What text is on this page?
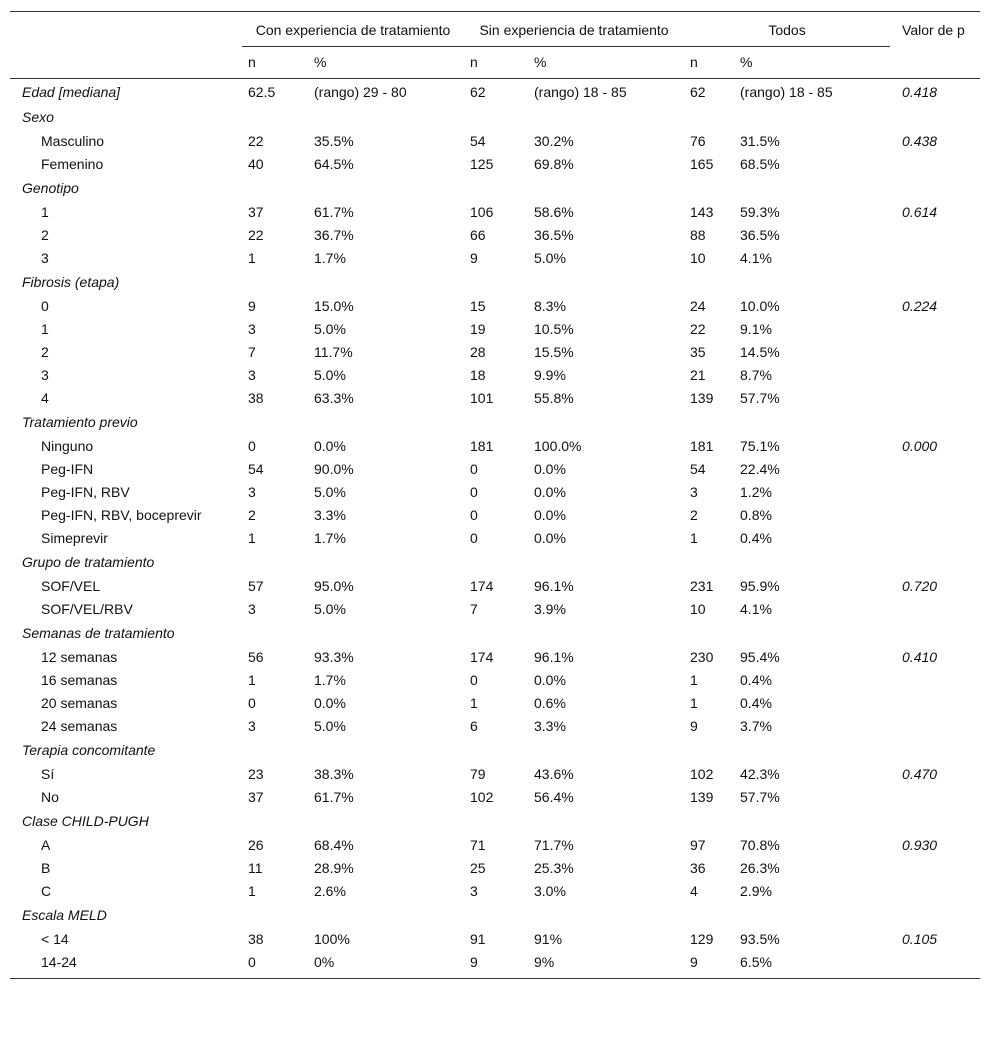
	Con experiencia de tratamiento		Sin experiencia de tratamiento		Todos		Valor de p
	n	%	n	%	n	%	
Edad [mediana]	62.5	(rango) 29 - 80	62	(rango) 18 - 85	62	(rango) 18 - 85	0.418
Sexo							
Masculino	22	35.5%	54	30.2%	76	31.5%	0.438
Femenino	40	64.5%	125	69.8%	165	68.5%	
Genotipo							
1	37	61.7%	106	58.6%	143	59.3%	0.614
2	22	36.7%	66	36.5%	88	36.5%	
3	1	1.7%	9	5.0%	10	4.1%	
Fibrosis (etapa)							
0	9	15.0%	15	8.3%	24	10.0%	0.224
1	3	5.0%	19	10.5%	22	9.1%	
2	7	11.7%	28	15.5%	35	14.5%	
3	3	5.0%	18	9.9%	21	8.7%	
4	38	63.3%	101	55.8%	139	57.7%	
Tratamiento previo							
Ninguno	0	0.0%	181	100.0%	181	75.1%	0.000
Peg-IFN	54	90.0%	0	0.0%	54	22.4%	
Peg-IFN, RBV	3	5.0%	0	0.0%	3	1.2%	
Peg-IFN, RBV, boceprevir	2	3.3%	0	0.0%	2	0.8%	
Simeprevir	1	1.7%	0	0.0%	1	0.4%	
Grupo de tratamiento							
SOF/VEL	57	95.0%	174	96.1%	231	95.9%	0.720
SOF/VEL/RBV	3	5.0%	7	3.9%	10	4.1%	
Semanas de tratamiento							
12 semanas	56	93.3%	174	96.1%	230	95.4%	0.410
16 semanas	1	1.7%	0	0.0%	1	0.4%	
20 semanas	0	0.0%	1	0.6%	1	0.4%	
24 semanas	3	5.0%	6	3.3%	9	3.7%	
Terapia concomitante							
Sí	23	38.3%	79	43.6%	102	42.3%	0.470
No	37	61.7%	102	56.4%	139	57.7%	
Clase CHILD-PUGH							
A	26	68.4%	71	71.7%	97	70.8%	0.930
B	11	28.9%	25	25.3%	36	26.3%	
C	1	2.6%	3	3.0%	4	2.9%	
Escala MELD							
< 14	38	100%	91	91%	129	93.5%	0.105
14-24	0	0%	9	9%	9	6.5%	
